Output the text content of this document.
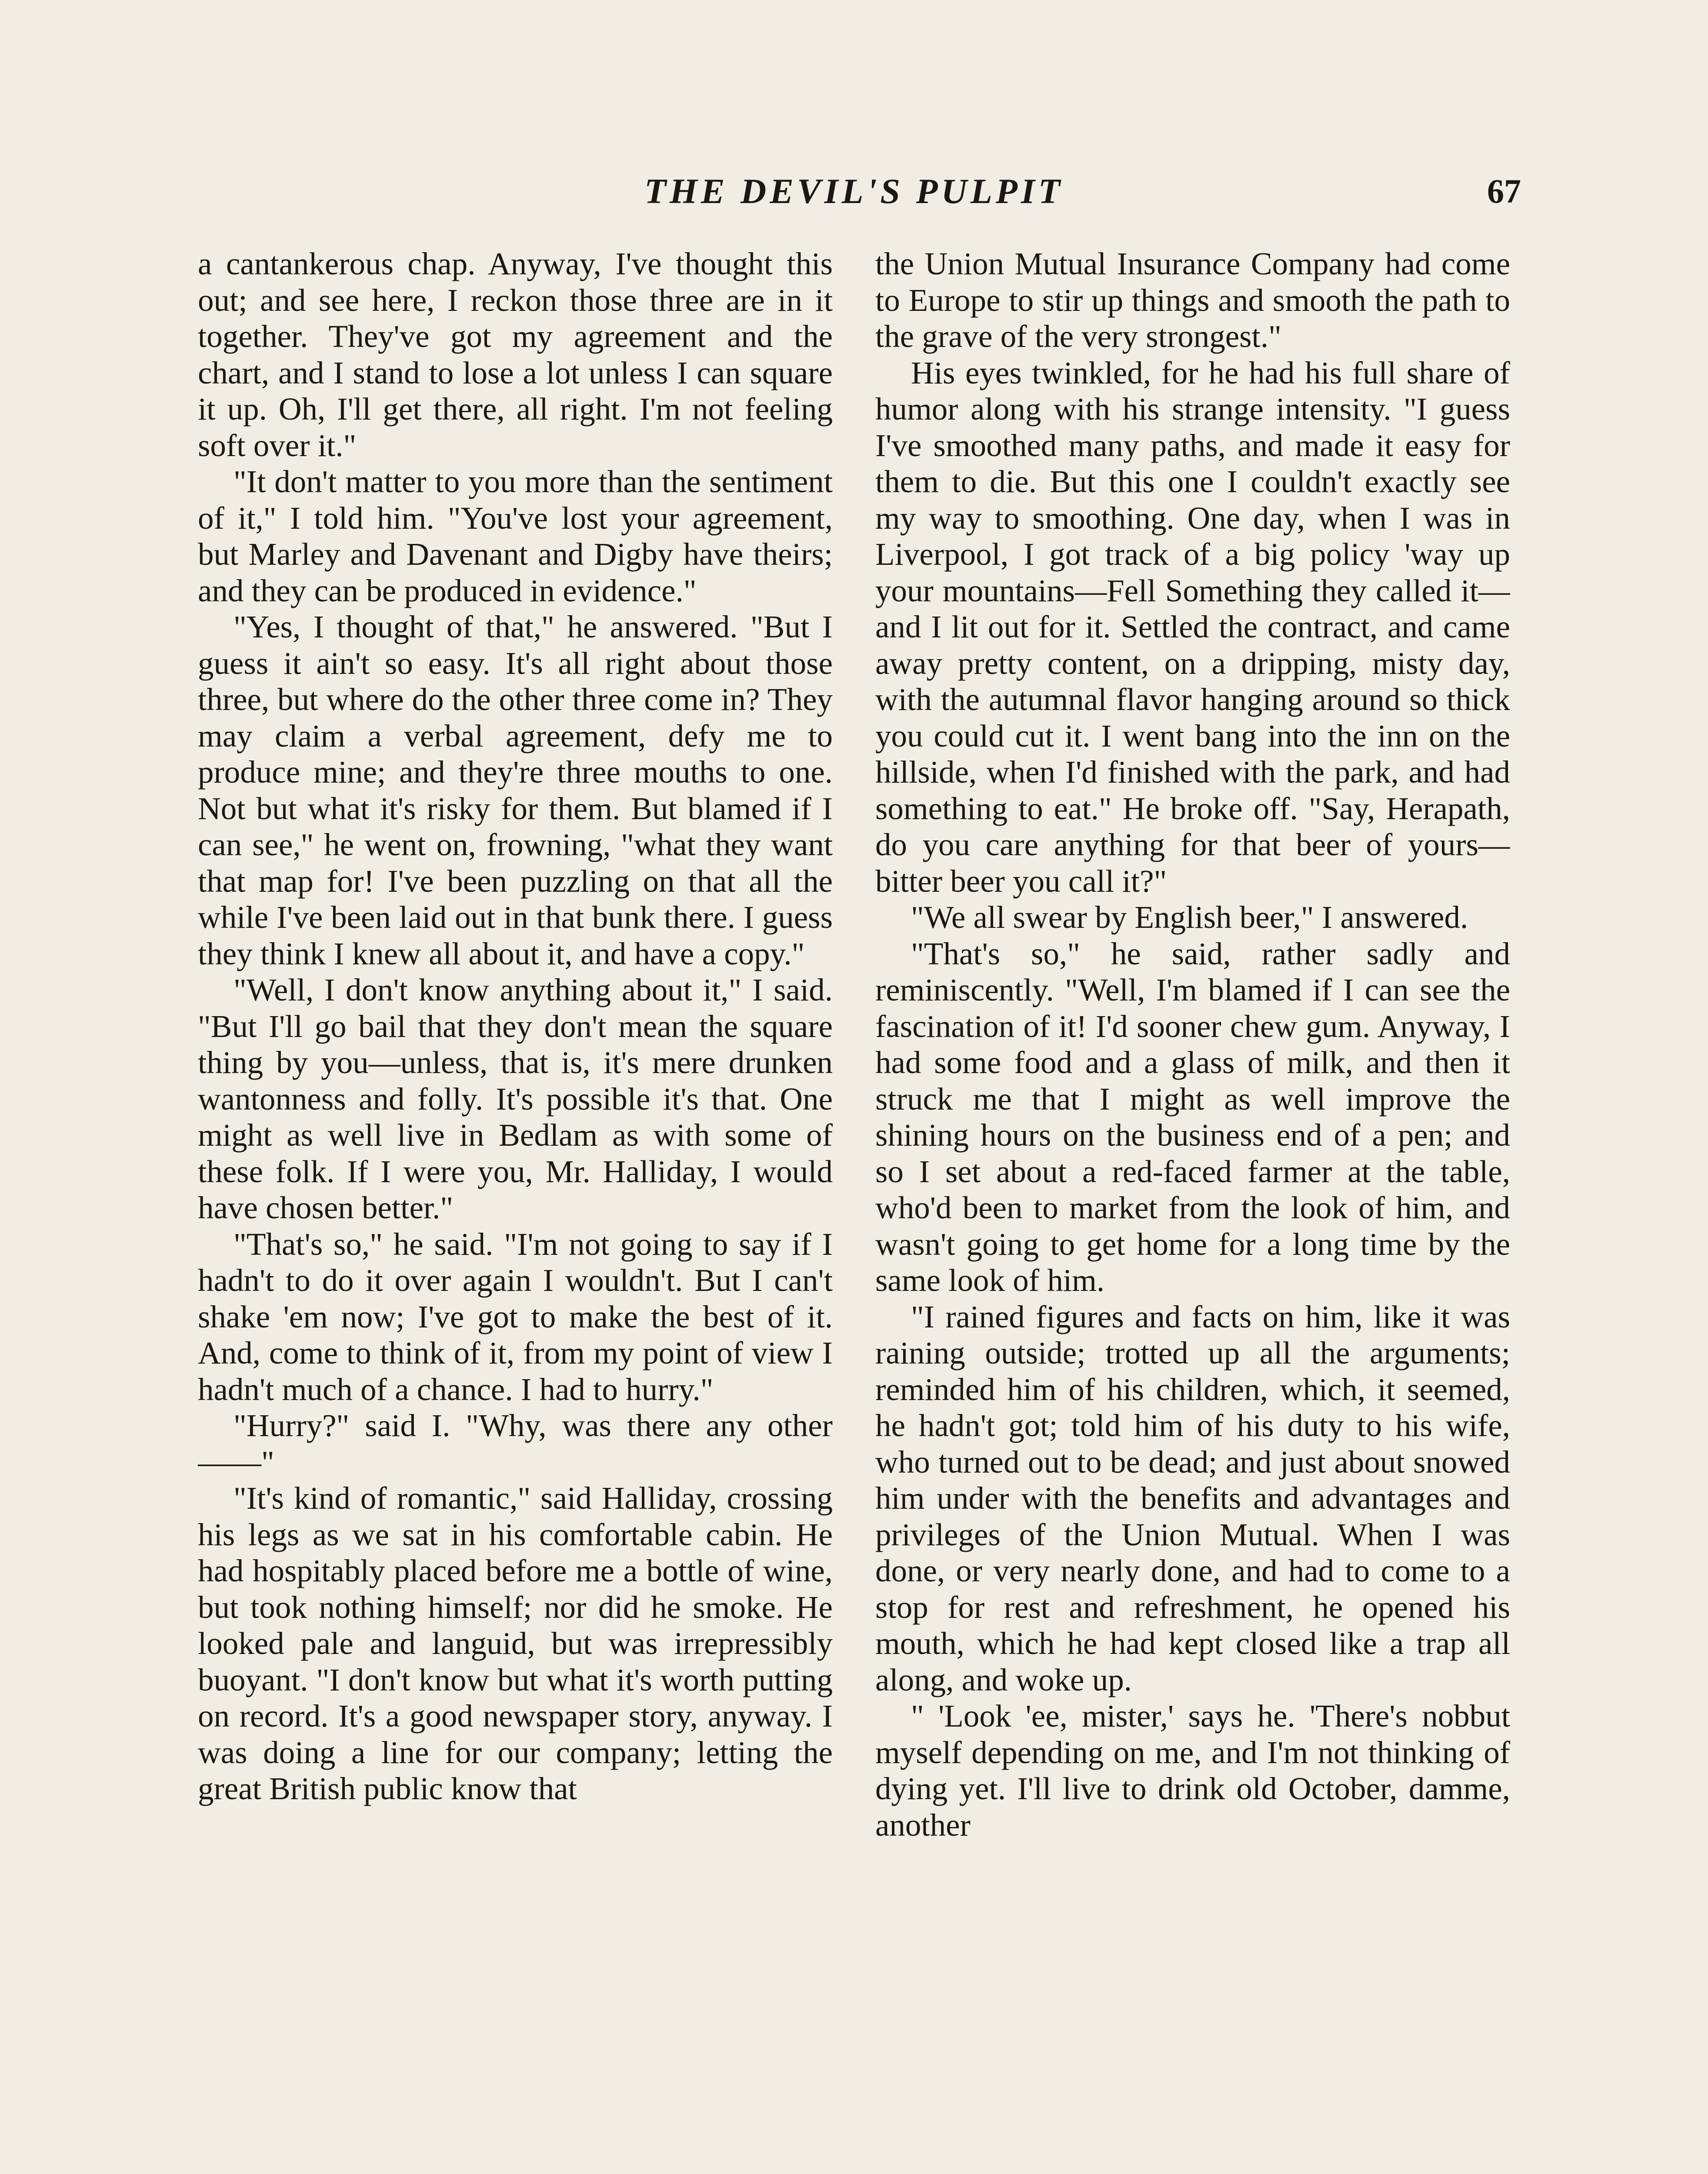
THE DEVIL'S PULPIT	67

a cantankerous chap. Anyway, I've thought this out; and see here, I reckon those three are in it together. They've got my agreement and the chart, and I stand to lose a lot unless I can square it up. Oh, I'll get there, all right. I'm not feeling soft over it."

"It don't matter to you more than the sentiment of it," I told him. "You've lost your agreement, but Marley and Davenant and Digby have theirs; and they can be produced in evidence."

"Yes, I thought of that," he answered. "But I guess it ain't so easy. It's all right about those three, but where do the other three come in? They may claim a verbal agreement, defy me to produce mine; and they're three mouths to one. Not but what it's risky for them. But blamed if I can see," he went on, frowning, "what they want that map for! I've been puzzling on that all the while I've been laid out in that bunk there. I guess they think I knew all about it, and have a copy."

"Well, I don't know anything about it," I said. "But I'll go bail that they don't mean the square thing by you—unless, that is, it's mere drunken wantonness and folly. It's possible it's that. One might as well live in Bedlam as with some of these folk. If I were you, Mr. Halliday, I would have chosen better."

"That's so," he said. "I'm not going to say if I hadn't to do it over again I wouldn't. But I can't shake 'em now; I've got to make the best of it. And, come to think of it, from my point of view I hadn't much of a chance. I had to hurry."

"Hurry?" said I. "Why, was there any other——"

"It's kind of romantic," said Halliday, crossing his legs as we sat in his comfortable cabin. He had hospitably placed before me a bottle of wine, but took nothing himself; nor did he smoke. He looked pale and languid, but was irrepressibly buoyant. "I don't know but what it's worth putting on record. It's a good newspaper story, anyway. I was doing a line for our company; letting the great British public know that

the Union Mutual Insurance Company had come to Europe to stir up things and smooth the path to the grave of the very strongest."

His eyes twinkled, for he had his full share of humor along with his strange intensity. "I guess I've smoothed many paths, and made it easy for them to die. But this one I couldn't exactly see my way to smoothing. One day, when I was in Liverpool, I got track of a big policy 'way up your mountains—Fell Something they called it—and I lit out for it. Settled the contract, and came away pretty content, on a dripping, misty day, with the autumnal flavor hanging around so thick you could cut it. I went bang into the inn on the hillside, when I'd finished with the park, and had something to eat." He broke off. "Say, Herapath, do you care anything for that beer of yours—bitter beer you call it?"

"We all swear by English beer," I answered.

"That's so," he said, rather sadly and reminiscently. "Well, I'm blamed if I can see the fascination of it! I'd sooner chew gum. Anyway, I had some food and a glass of milk, and then it struck me that I might as well improve the shining hours on the business end of a pen; and so I set about a red-faced farmer at the table, who'd been to market from the look of him, and wasn't going to get home for a long time by the same look of him.

"I rained figures and facts on him, like it was raining outside; trotted up all the arguments; reminded him of his children, which, it seemed, he hadn't got; told him of his duty to his wife, who turned out to be dead; and just about snowed him under with the benefits and advantages and privileges of the Union Mutual. When I was done, or very nearly done, and had to come to a stop for rest and refreshment, he opened his mouth, which he had kept closed like a trap all along, and woke up.

" 'Look 'ee, mister,' says he. 'There's nobbut myself depending on me, and I'm not thinking of dying yet. I'll live to drink old October, damme, another
